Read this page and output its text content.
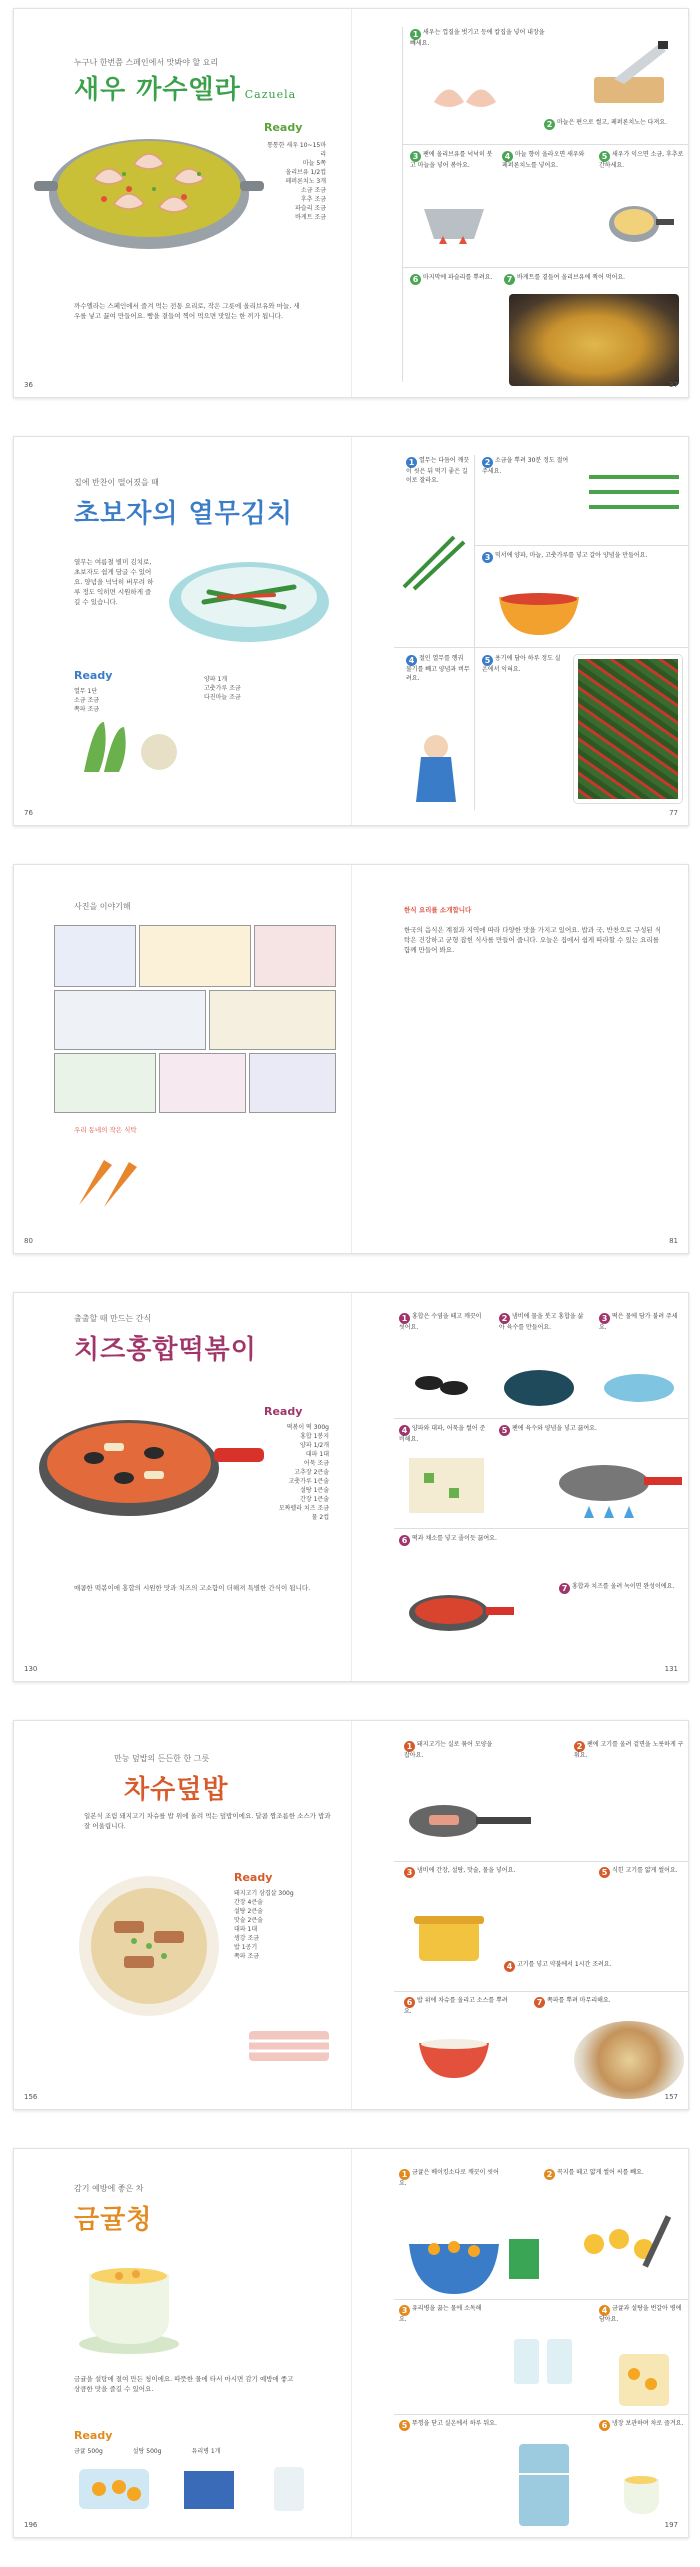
누구나 한번쯤 스페인에서 맛봐야 할 요리
새우 까수엘라 Cazuela
Ready
통통한 새우 10~15마리
마늘 5쪽
올리브유 1/2컵
페퍼론치노 3개
소금 조금
후추 조금
파슬리 조금
바게트 조금
까수엘라는 스페인에서 즐겨 먹는 전통 요리로, 작은 그릇에 올리브유와 마늘, 새우를 넣고 끓여 만들어요. 빵을 곁들여 찍어 먹으면 맛있는 한 끼가 됩니다.
36
1 새우는 껍질을 벗기고 등에 칼집을 넣어 내장을 빼세요.
2 마늘은 편으로 썰고, 페퍼론치노는 다져요.
3 팬에 올리브유를 넉넉히 붓고 마늘을 넣어 볶아요.
4 마늘 향이 올라오면 새우와 페퍼론치노를 넣어요.
5 새우가 익으면 소금, 후추로 간하세요.
6 마지막에 파슬리를 뿌려요.	7 바게트를 곁들여 올리브유에 찍어 먹어요.
37
집에 반찬이 떨어졌을 때
초보자의 열무김치
열무는 여름철 별미 김치로, 초보자도 쉽게 담글 수 있어요. 양념을 넉넉히 버무려 하루 정도 익히면 시원하게 즐길 수 있습니다.
Ready
열무 1단
소금 조금
쪽파 조금
양파 1개
고춧가루 조금
다진마늘 조금
76
1 열무는 다듬어 깨끗이 씻은 뒤 먹기 좋은 길이로 잘라요.
2 소금을 뿌려 30분 정도 절여 주세요.
3 믹서에 양파, 마늘, 고춧가루를 넣고 갈아 양념을 만들어요.
4 절인 열무를 헹궈 물기를 빼고 양념과 버무려요.
5 용기에 담아 하루 정도 실온에서 익혀요.
77
사진을 이야기해
우리 동네의 작은 식탁
80
한식 요리를 소개합니다
한국의 음식은 계절과 지역에 따라 다양한 맛을 가지고 있어요. 밥과 국, 반찬으로 구성된 식탁은 건강하고 균형 잡힌 식사를 만들어 줍니다. 오늘은 집에서 쉽게 따라할 수 있는 요리를 함께 만들어 봐요.
81
출출할 때 만드는 간식
치즈홍합떡볶이
Ready
떡볶이 떡 300g
홍합 1봉지
양파 1/2개
대파 1대
어묵 조금
고추장 2큰술
고춧가루 1큰술
설탕 1큰술
간장 1큰술
모짜렐라 치즈 조금
물 2컵
매콤한 떡볶이에 홍합의 시원한 맛과 치즈의 고소함이 더해져 특별한 간식이 됩니다.
130
1 홍합은 수염을 떼고 깨끗이 씻어요.
2 냄비에 물을 붓고 홍합을 삶아 육수를 만들어요.
3 떡은 물에 담가 불려 주세요.
4 양파와 대파, 어묵을 썰어 준비해요.
5 팬에 육수와 양념을 넣고 끓여요.
6 떡과 채소를 넣고 졸이듯 끓여요.
7 홍합과 치즈를 올려 녹이면 완성이에요.
131
만능 덮밥의 든든한 한 그릇
차슈덮밥
일본식 조림 돼지고기 차슈를 밥 위에 올려 먹는 덮밥이에요. 달콤 짭조름한 소스가 밥과 잘 어울립니다.
Ready
돼지고기 삼겹살 300g
간장 4큰술
설탕 2큰술
맛술 2큰술
대파 1대
생강 조금
밥 1공기
쪽파 조금
156
1 돼지고기는 실로 묶어 모양을 잡아요.
2 팬에 고기를 올려 겉면을 노릇하게 구워요.
3 냄비에 간장, 설탕, 맛술, 물을 넣어요.
4 고기를 넣고 약불에서 1시간 조려요.
5 식힌 고기를 얇게 썰어요.
6 밥 위에 차슈를 올리고 소스를 뿌려요.
7 쪽파를 뿌려 마무리해요.
157
감기 예방에 좋은 차
금귤청
금귤을 설탕에 절여 만든 청이에요. 따뜻한 물에 타서 마시면 감기 예방에 좋고 상큼한 맛을 즐길 수 있어요.
Ready
금귤 500g	설탕 500g	유리병 1개
196
1 금귤은 베이킹소다로 깨끗이 씻어요.
2 꼭지를 떼고 얇게 썰어 씨를 빼요.
3 유리병을 끓는 물에 소독해요.
4 금귤과 설탕을 번갈아 병에 담아요.
5 뚜껑을 닫고 실온에서 하루 둬요.	6 냉장 보관하며 차로 즐겨요.
197
